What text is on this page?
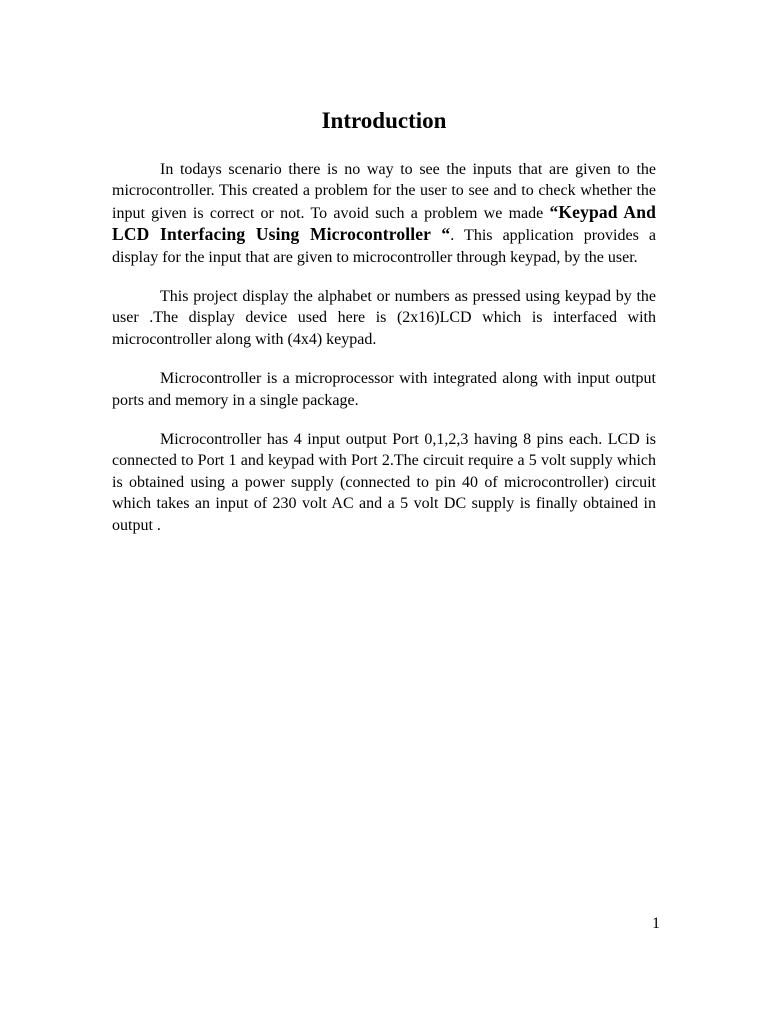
Introduction

In todays scenario there is no way to see the inputs that are given to the microcontroller. This created a problem for the user to see and to check whether the input given is correct or not. To avoid such a problem we made “Keypad And LCD Interfacing Using Microcontroller “. This application provides a display for the input that are given to microcontroller through keypad, by the user.

This project display the alphabet or numbers as pressed using keypad by the user .The display device used here is (2x16)LCD which is interfaced with microcontroller along with (4x4) keypad.

Microcontroller is a microprocessor with integrated along with input output ports and memory in a single package.

Microcontroller has 4 input output Port 0,1,2,3 having 8 pins each. LCD is connected to Port 1 and keypad with Port 2.The circuit require a 5 volt supply which is obtained using a power supply (connected to pin 40 of microcontroller) circuit which takes an input of 230 volt AC and a 5 volt DC supply is finally obtained in output .

1
